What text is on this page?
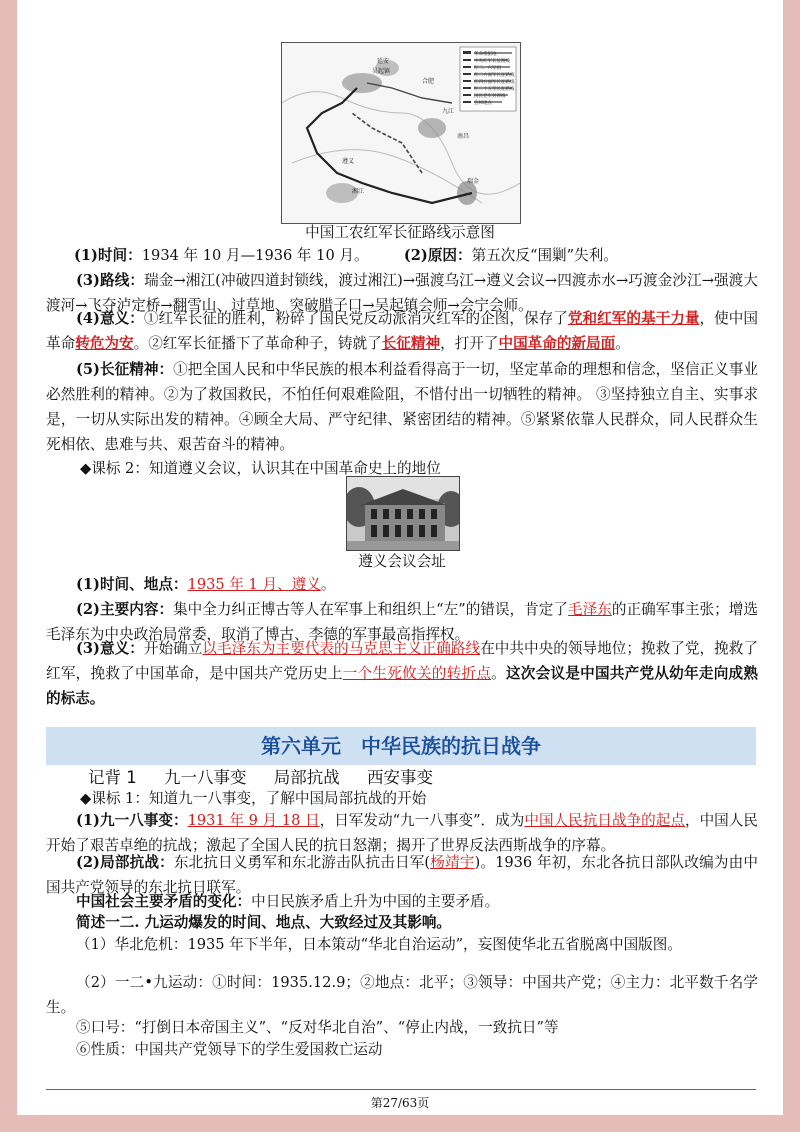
延安
遵义
瑞金
湘江
吴起镇
南昌
九江
合肥
革命根据地
中央红军长征路线
红二、六军团
红二方面军长征路线
红四方面军长征路线
红二十五军长征路线
国民党军封锁线
会师地点
中国工农红军长征路线示意图

(1)时间：1934 年 10 月—1936 年 10 月。 (2)原因：第五次反“围剿”失利。

(3)路线：瑞金→湘江(冲破四道封锁线，渡过湘江)→强渡乌江→遵义会议→四渡赤水→巧渡金沙江→强渡大渡河→飞夺泸定桥→翻雪山、过草地、突破腊子口→吴起镇会师→会宁会师。

(4)意义：①红军长征的胜利，粉碎了国民党反动派消灭红军的企图，保存了党和红军的基干力量，使中国革命转危为安。②红军长征播下了革命种子，铸就了长征精神，打开了中国革命的新局面。

(5)长征精神：①把全国人民和中华民族的根本利益看得高于一切，坚定革命的理想和信念，坚信正义事业必然胜利的精神。②为了救国救民，不怕任何艰难险阻，不惜付出一切牺牲的精神。 ③坚持独立自主、实事求是，一切从实际出发的精神。④顾全大局、严守纪律、紧密团结的精神。⑤紧紧依靠人民群众，同人民群众生死相依、患难与共、艰苦奋斗的精神。

◆课标 2：知道遵义会议，认识其在中国革命史上的地位

遵义会议会址

(1)时间、地点：1935 年 1 月、遵义。

(2)主要内容：集中全力纠正博古等人在军事上和组织上“左”的错误，肯定了毛泽东的正确军事主张；增选毛泽东为中央政治局常委，取消了博古、李德的军事最高指挥权。

(3)意义：开始确立以毛泽东为主要代表的马克思主义正确路线在中共中央的领导地位；挽救了党，挽救了红军，挽救了中国革命，是中国共产党历史上一个生死攸关的转折点。这次会议是中国共产党从幼年走向成熟的标志。

第六单元　中华民族的抗日战争
记背 1 九一八事变 局部抗战 西安事变

◆课标 1：知道九一八事变，了解中国局部抗战的开始

(1)九一八事变：1931 年 9 月 18 日，日军发动“九一八事变”．成为中国人民抗日战争的起点，中国人民开始了艰苦卓绝的抗战；激起了全国人民的抗日怒潮；揭开了世界反法西斯战争的序幕。

(2)局部抗战：东北抗日义勇军和东北游击队抗击日军(杨靖宇)。1936 年初，东北各抗日部队改编为由中国共产党领导的东北抗日联军。

中国社会主要矛盾的变化：中日民族矛盾上升为中国的主要矛盾。

简述一二. 九运动爆发的时间、地点、大致经过及其影响。

（1）华北危机：1935 年下半年，日本策动“华北自治运动”，妄图使华北五省脱离中国版图。

（2）一二•九运动：①时间：1935.12.9；②地点：北平；③领导：中国共产党；④主力：北平数千名学生。

⑤口号：“打倒日本帝国主义”、“反对华北自治”、“停止内战，一致抗日”等

⑥性质：中国共产党领导下的学生爱国救亡运动

第27/63页
